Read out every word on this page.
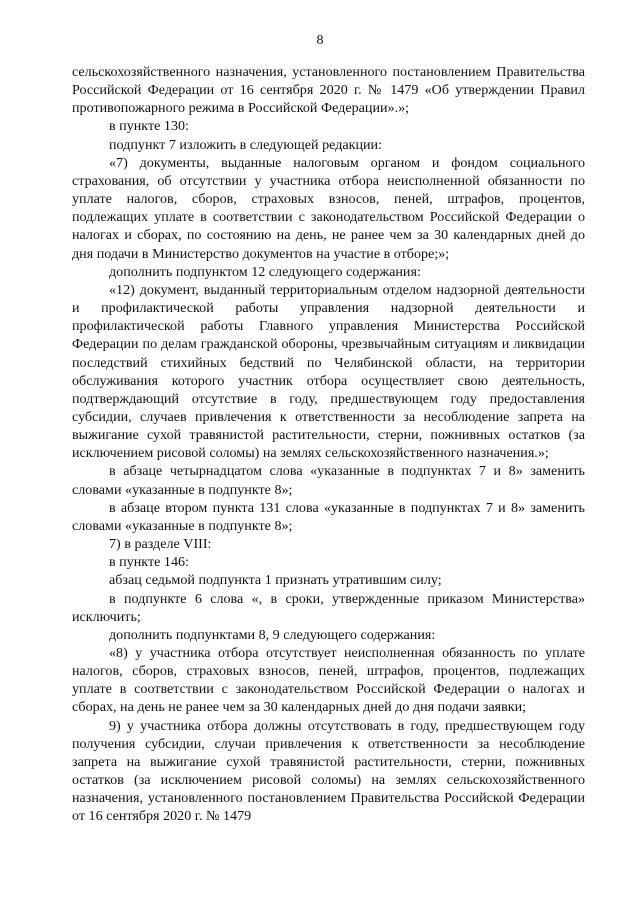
8

сельскохозяйственного назначения, установленного постановлением Правительства Российской Федерации от 16 сентября 2020 г. № 1479 «Об утверждении Правил противопожарного режима в Российской Федерации».»;

в пункте 130:

подпункт 7 изложить в следующей редакции:

«7) документы, выданные налоговым органом и фондом социального страхования, об отсутствии у участника отбора неисполненной обязанности по уплате налогов, сборов, страховых взносов, пеней, штрафов, процентов, подлежащих уплате в соответствии с законодательством Российской Федерации о налогах и сборах, по состоянию на день, не ранее чем за 30 календарных дней до дня подачи в Министерство документов на участие в отборе;»;

дополнить подпунктом 12 следующего содержания:

«12) документ, выданный территориальным отделом надзорной деятельности и профилактической работы управления надзорной деятельности и профилактической работы Главного управления Министерства Российской Федерации по делам гражданской обороны, чрезвычайным ситуациям и ликвидации последствий стихийных бедствий по Челябинской области, на территории обслуживания которого участник отбора осуществляет свою деятельность, подтверждающий отсутствие в году, предшествующем году предоставления субсидии, случаев привлечения к ответственности за несоблюдение запрета на выжигание сухой травянистой растительности, стерни, пожнивных остатков (за исключением рисовой соломы) на землях сельскохозяйственного назначения.»;

в абзаце четырнадцатом слова «указанные в подпунктах 7 и 8» заменить словами «указанные в подпункте 8»;

в абзаце втором пункта 131 слова «указанные в подпунктах 7 и 8» заменить словами «указанные в подпункте 8»;

7) в разделе VIII:

в пункте 146:

абзац седьмой подпункта 1 признать утратившим силу;

в подпункте 6 слова «, в сроки, утвержденные приказом Министерства» исключить;

дополнить подпунктами 8, 9 следующего содержания:

«8) у участника отбора отсутствует неисполненная обязанность по уплате налогов, сборов, страховых взносов, пеней, штрафов, процентов, подлежащих уплате в соответствии с законодательством Российской Федерации о налогах и сборах, на день не ранее чем за 30 календарных дней до дня подачи заявки;

9) у участника отбора должны отсутствовать в году, предшествующем году получения субсидии, случаи привлечения к ответственности за несоблюдение запрета на выжигание сухой травянистой растительности, стерни, пожнивных остатков (за исключением рисовой соломы) на землях сельскохозяйственного назначения, установленного постановлением Правительства Российской Федерации от 16 сентября 2020 г. № 1479
